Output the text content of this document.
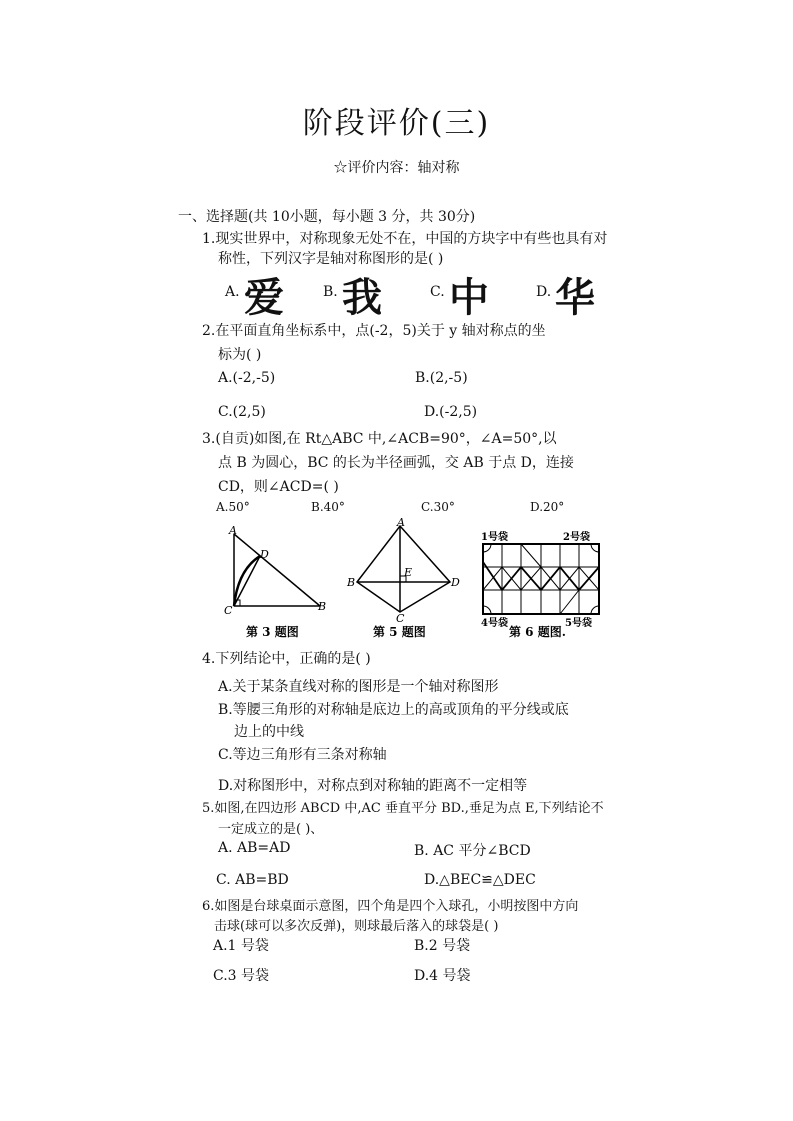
阶段评价(三)
☆评价内容：轴对称
一、选择题(共 10小题，每小题 3 分，共 30分)
1.现实世界中，对称现象无处不在，中国的方块字中有些也具有对
称性，下列汉字是轴对称图形的是( )
A. 爱	B. 我	C. 中	D. 华
2.在平面直角坐标系中，点(-2，5)关于 y 轴对称点的坐
标为( )
A.(-2,-5)	B.(2,-5)
C.(2,5)	D.(-2,5)
3.(自贡)如图,在 Rt△ABC 中,∠ACB=90°，∠A=50°,以
点 B 为圆心，BC 的长为半径画弧，交 AB 于点 D，连接
CD，则∠ACD=( )
A.50°	B.40°	C.30°	D.20°
A
D
C	B
第 3 题图
A
B
E
D
C
第 5 题图
1号袋	2号袋
4号袋	5号袋
第 6 题图.
4.下列结论中，正确的是( )
A.关于某条直线对称的图形是一个轴对称图形
B.等腰三角形的对称轴是底边上的高或顶角的平分线或底
边上的中线
C.等边三角形有三条对称轴
D.对称图形中，对称点到对称轴的距离不一定相等
5.如图,在四边形 ABCD 中,AC 垂直平分 BD.,垂足为点 E,下列结论不
一定成立的是( )、
A. AB=AD	B. AC 平分∠BCD
C. AB=BD	D.△BEC≌△DEC
6.如图是台球桌面示意图，四个角是四个入球孔，小明按图中方向
击球(球可以多次反弹)，则球最后落入的球袋是( )
A.1 号袋	B.2 号袋
C.3 号袋	D.4 号袋
